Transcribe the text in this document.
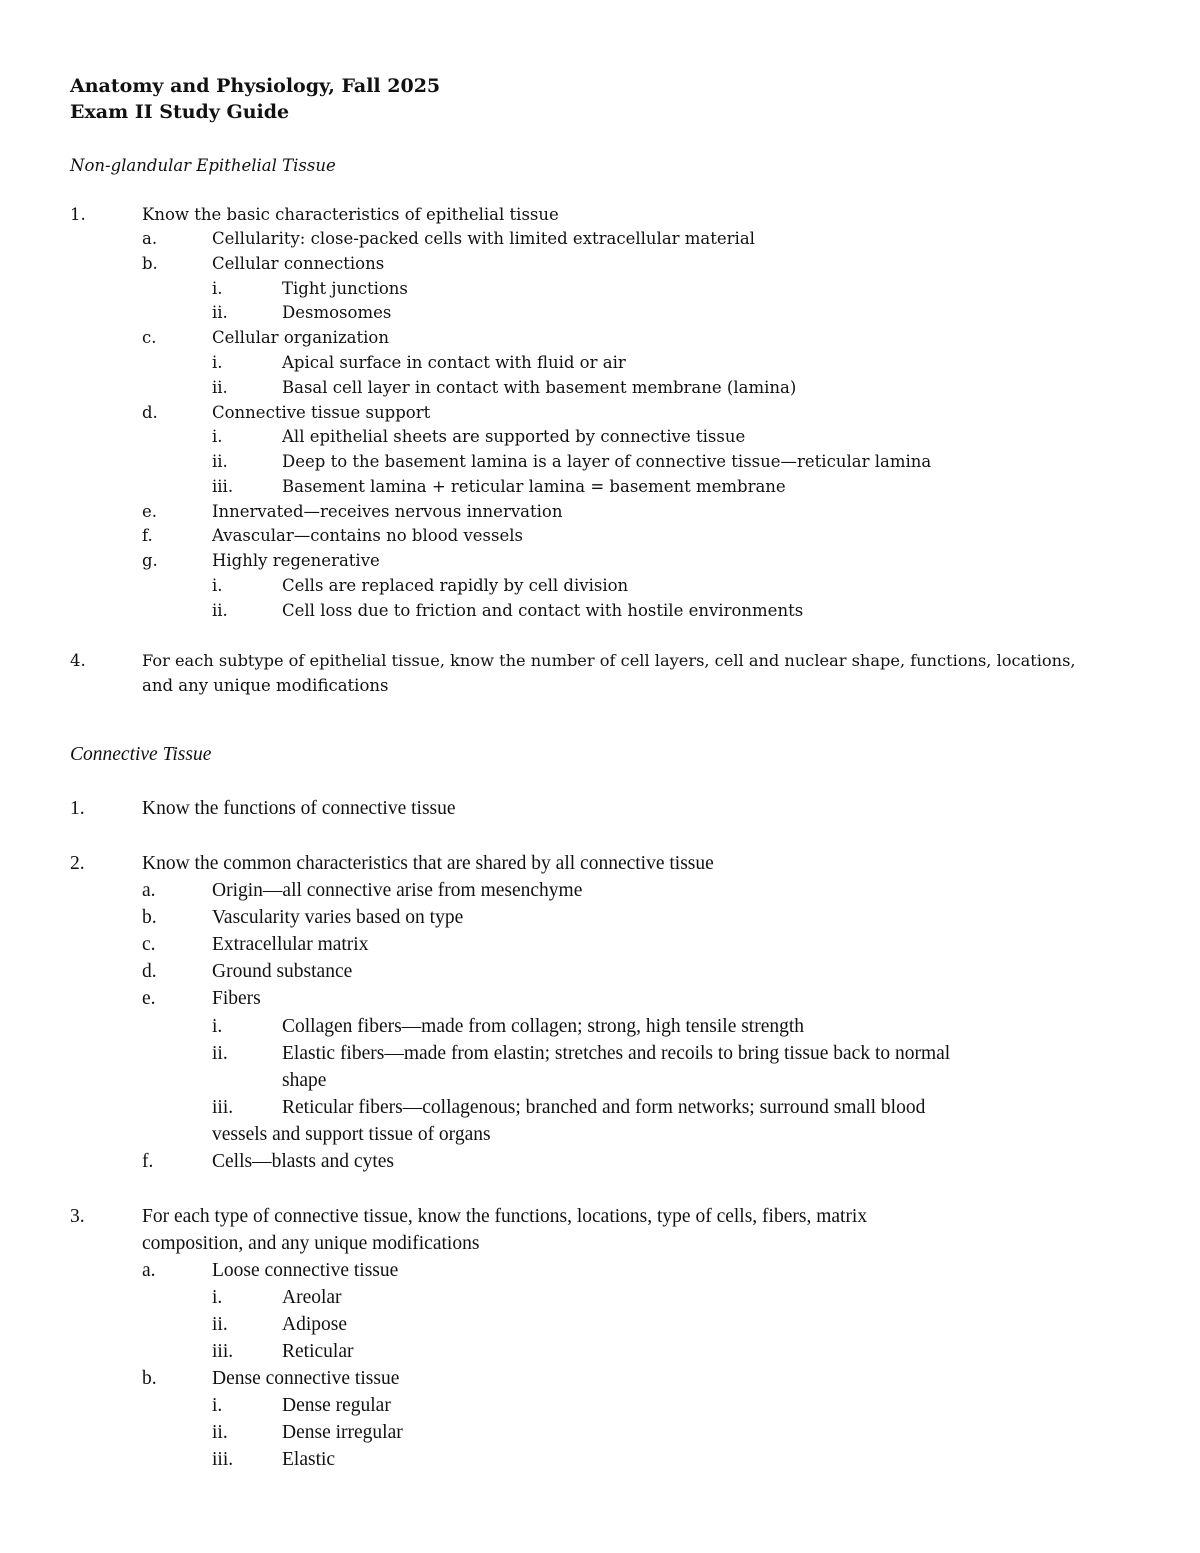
Anatomy and Physiology, Fall 2025
Exam II Study Guide
Non-glandular Epithelial Tissue
1.	Know the basic characteristics of epithelial tissue
a.	Cellularity: close-packed cells with limited extracellular material
b.	Cellular connections
i.	Tight junctions
ii.	Desmosomes
c.	Cellular organization
i.	Apical surface in contact with fluid or air
ii.	Basal cell layer in contact with basement membrane (lamina)
d.	Connective tissue support
i.	All epithelial sheets are supported by connective tissue
ii.	Deep to the basement lamina is a layer of connective tissue—reticular lamina
iii.	Basement lamina + reticular lamina = basement membrane
e.	Innervated—receives nervous innervation
f.	Avascular—contains no blood vessels
g.	Highly regenerative
i.	Cells are replaced rapidly by cell division
ii.	Cell loss due to friction and contact with hostile environments
4.	For each subtype of epithelial tissue, know the number of cell layers, cell and nuclear shape, functions, locations,
and any unique modifications
Connective Tissue
1.	Know the functions of connective tissue
2.	Know the common characteristics that are shared by all connective tissue
a.	Origin—all connective arise from mesenchyme
b.	Vascularity varies based on type
c.	Extracellular matrix
d.	Ground substance
e.	Fibers
i.	Collagen fibers—made from collagen; strong, high tensile strength
ii.	Elastic fibers—made from elastin; stretches and recoils to bring tissue back to normal
shape
iii.	Reticular fibers—collagenous; branched and form networks; surround small blood
vessels and support tissue of organs
f.	Cells—blasts and cytes
3.	For each type of connective tissue, know the functions, locations, type of cells, fibers, matrix
composition, and any unique modifications
a.	Loose connective tissue
i.	Areolar
ii.	Adipose
iii.	Reticular
b.	Dense connective tissue
i.	Dense regular
ii.	Dense irregular
iii.	Elastic
